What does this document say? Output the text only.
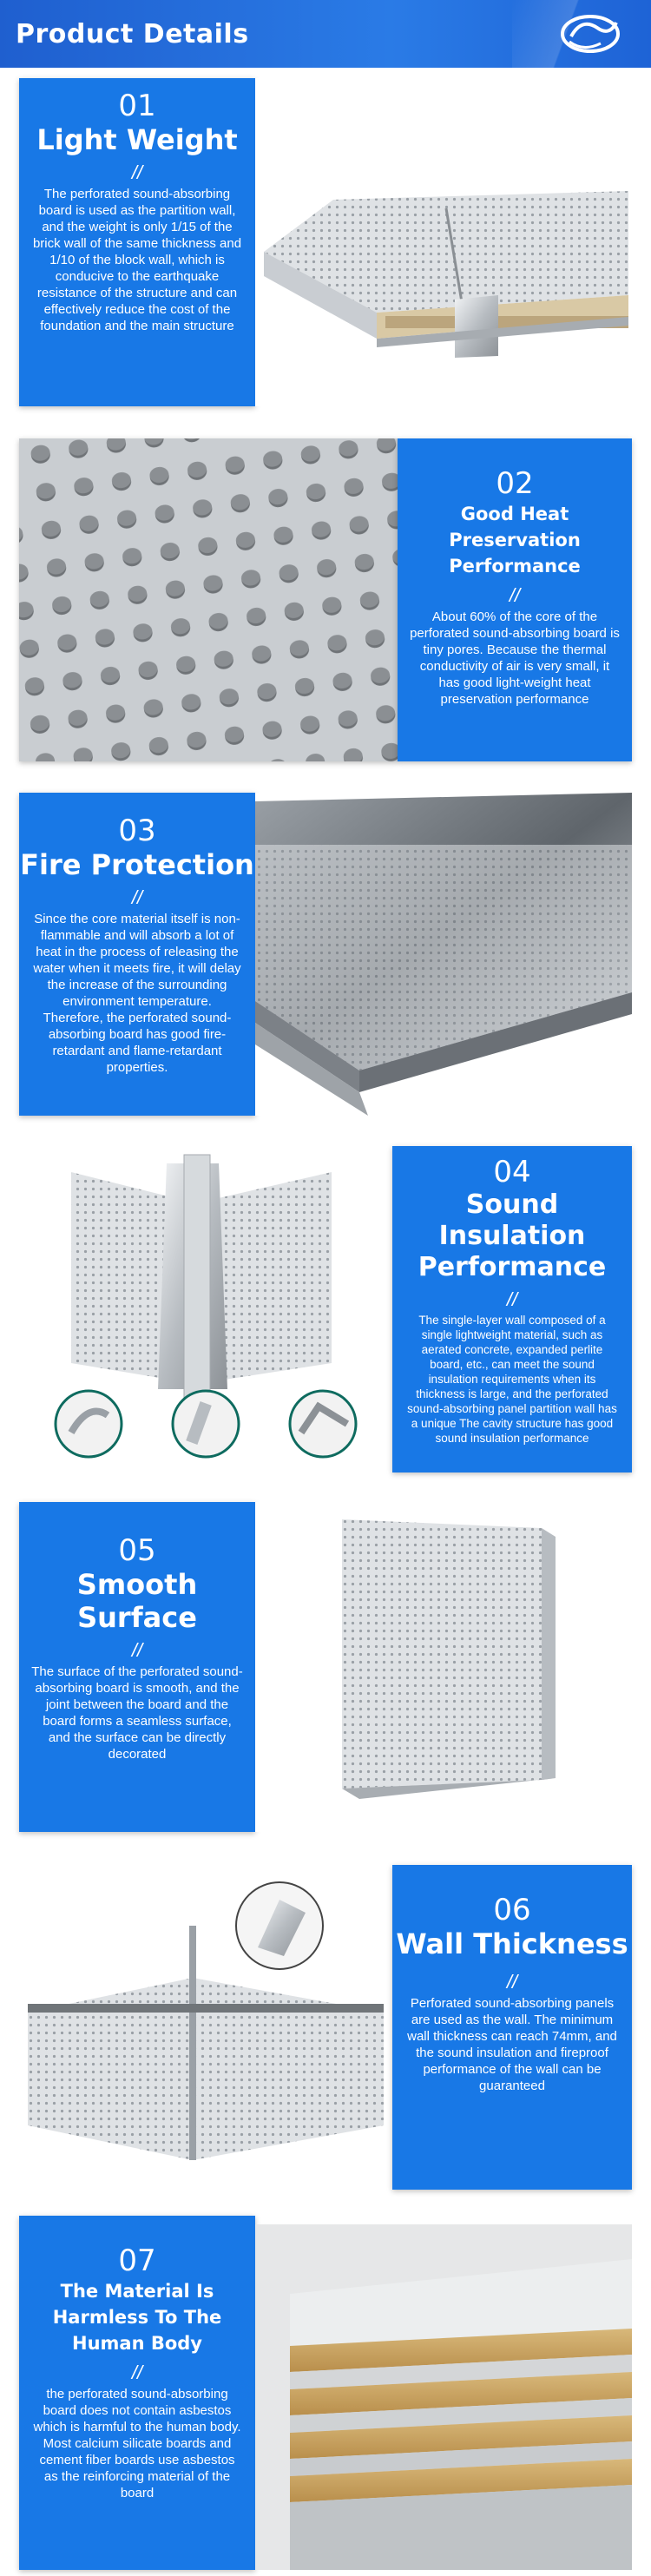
Product Details
01
Light Weight
//
The perforated sound-absorbing board is used as the partition wall, and the weight is only 1/15 of the brick wall of the same thickness and 1/10 of the block wall, which is conducive to the earthquake resistance of the structure and can effectively reduce the cost of the foundation and the main structure
02
Good Heat Preservation Performance
//
About 60% of the core of the perforated sound-absorbing board is tiny pores. Because the thermal conductivity of air is very small, it has good light-weight heat preservation performance
03
Fire Protection
//
Since the core material itself is non-flammable and will absorb a lot of heat in the process of releasing the water when it meets fire, it will delay the increase of the surrounding environment temperature. Therefore, the perforated sound-absorbing board has good fire-retardant and flame-retardant properties.
04
Sound Insulation Performance
//
The single-layer wall composed of a single lightweight material, such as aerated concrete, expanded perlite board, etc., can meet the sound insulation requirements when its thickness is large, and the perforated sound-absorbing panel partition wall has a unique The cavity structure has good sound insulation performance
05
Smooth Surface
//
The surface of the perforated sound-absorbing board is smooth, and the joint between the board and the board forms a seamless surface, and the surface can be directly decorated
06
Wall Thickness
//
Perforated sound-absorbing panels are used as the wall. The minimum wall thickness can reach 74mm, and the sound insulation and fireproof performance of the wall can be guaranteed
07
The Material Is Harmless To The Human Body
//
the perforated sound-absorbing board does not contain asbestos which is harmful to the human body. Most calcium silicate boards and cement fiber boards use asbestos as the reinforcing material of the board
